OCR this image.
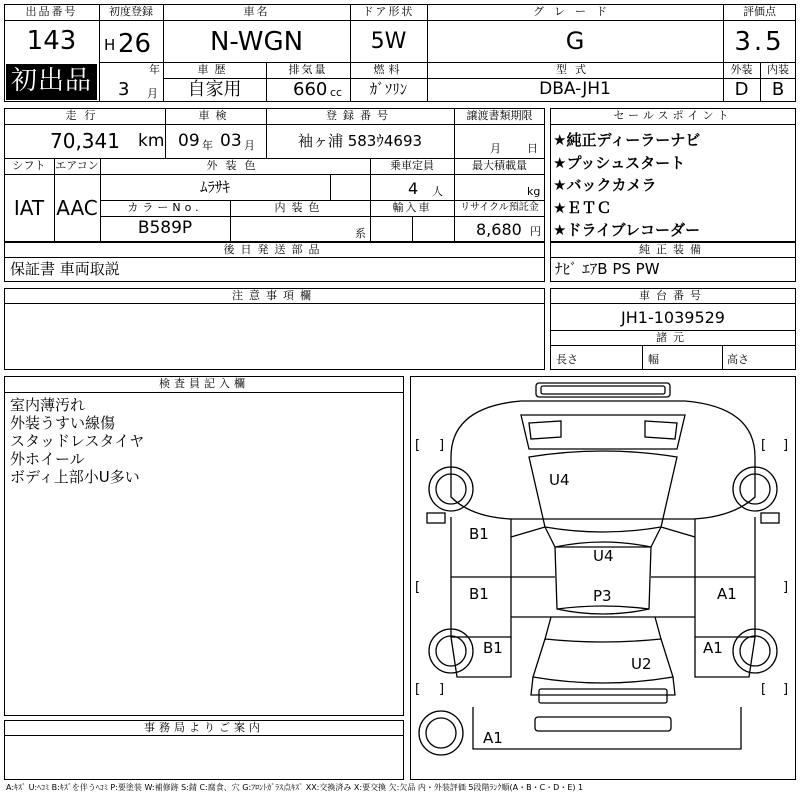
出品番号
143
初出品
初度登録
H 26
年
3 月
車名
N-WGN
ドア形状
5W
グレード
G
評価点
3.5
車歴
自家用
排気量
660 cc
燃料
ｶﾞｿﾘﾝ
型式
DBA-JH1
外装
D
内装
B
走行
70,341 km
車検
09 年 03 月
登録番号
袖ヶ浦 583ｳ4693
譲渡書類期限
月 日
シフト
IAT
エアコン
AAC
外装色
ﾑﾗｻｷ
乗車定員
4 人
最大積載量
kg
カラーNo.
B589P
内装色
系
輸入車	リサイクル預託金
8,680 円
セールスポイント
★純正ディーラーナビ
★プッシュスタート
★バックカメラ
★ＥＴＣ
★ドライブレコーダー
後日発送部品
保証書 車両取説
純正装備
ﾅﾋﾞ ｴｱB PS PW
注意事項欄	車台番号
JH1-1039529
諸元
長さ	幅	高さ
検査員記入欄
室内薄汚れ
外装うすい線傷
スタッドレスタイヤ
外ホイール
ボディ上部小U多い
事務局よりご案内
[ ]	[ ]
[	]
[	]
[
]
U4
B1
U4
B1	P3	A1
B1	A1
U2
A1
A:ｷｽﾞ U:ﾍｺﾐ B:ｷｽﾞを伴うﾍｺﾐ P:要塗装 W:補修跡 S:錆 C:腐食、穴 G:ﾌﾛﾝﾄｶﾞﾗｽ点ｷｽﾞ XX:交換済み X:要交換 欠:欠品 内・外装評価 5段階ﾗﾝｸ順(A・B・C・D・E) 1
